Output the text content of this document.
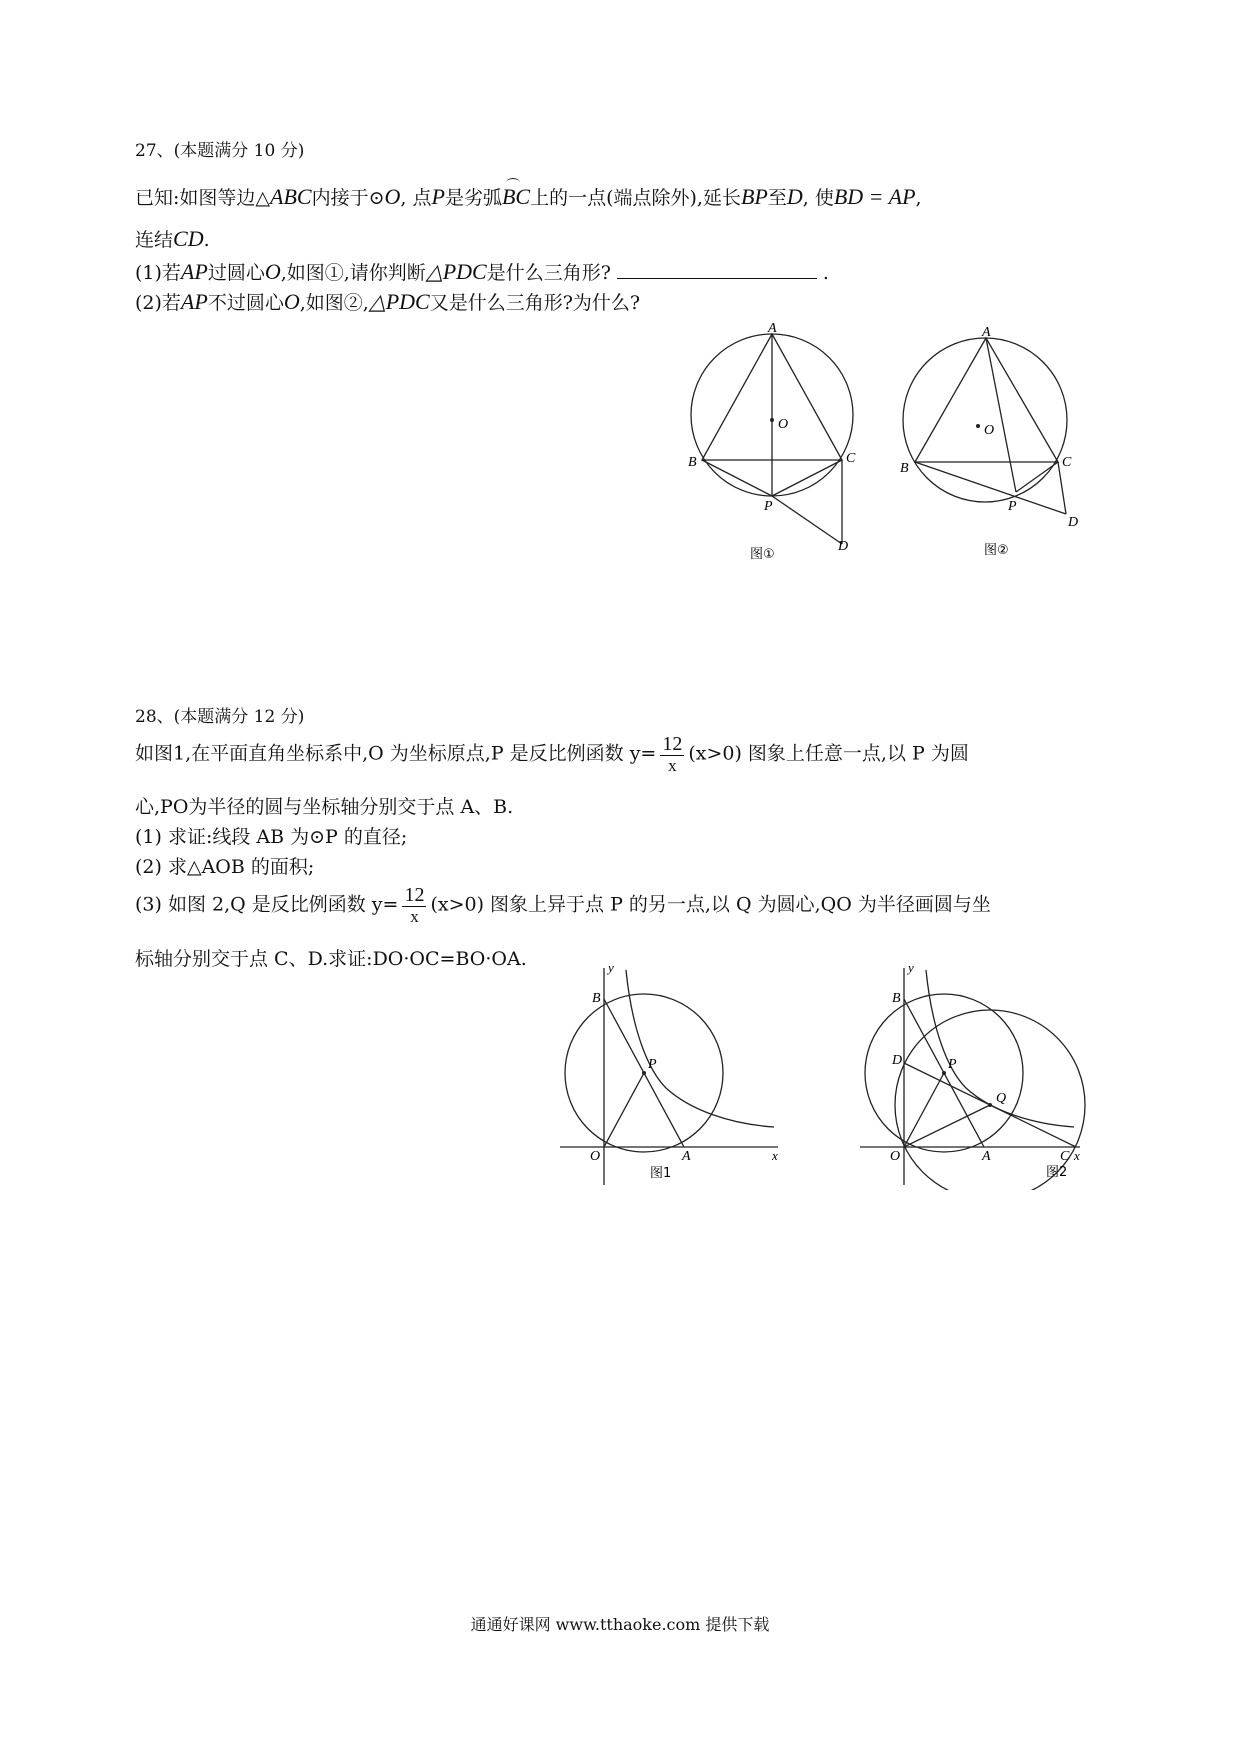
27、(本题满分 10 分)
已知:如图等边△ABC内接于⊙O, 点P是劣弧BC上的一点(端点除外),延长BP至D, 使BD = AP,
连结CD.
(1)若AP过圆心O,如图①,请你判断△PDC是什么三角形?	.
(2)若AP不过圆心O,如图②,△PDC又是什么三角形?为什么?
A
O
B	C
P
D
图①
A
O
B	C
P
D
图②
28、(本题满分 12 分)
如图1,在平面直角坐标系中,O 为坐标原点,P 是反比例函数 $y= \frac{12}{x} (x>0)$ 图象上任意一点,以 P 为圆
心,PO为半径的圆与坐标轴分别交于点 A、B.
(1) 求证:线段 AB 为⊙P 的直径;
(2) 求△AOB 的面积;
(3) 如图 2,Q 是反比例函数 $y= \frac{12}{x} (x>0)$ 图象上异于点 P 的另一点,以 Q 为圆心,QO 为半径画圆与坐
标轴分别交于点 C、D.求证:DO·OC=BO·OA.	y
x
B
P
O	A
图1
y
x
B
D	P
Q
O	A	C
图2
通通好课网 www.tthaoke.com 提供下载
